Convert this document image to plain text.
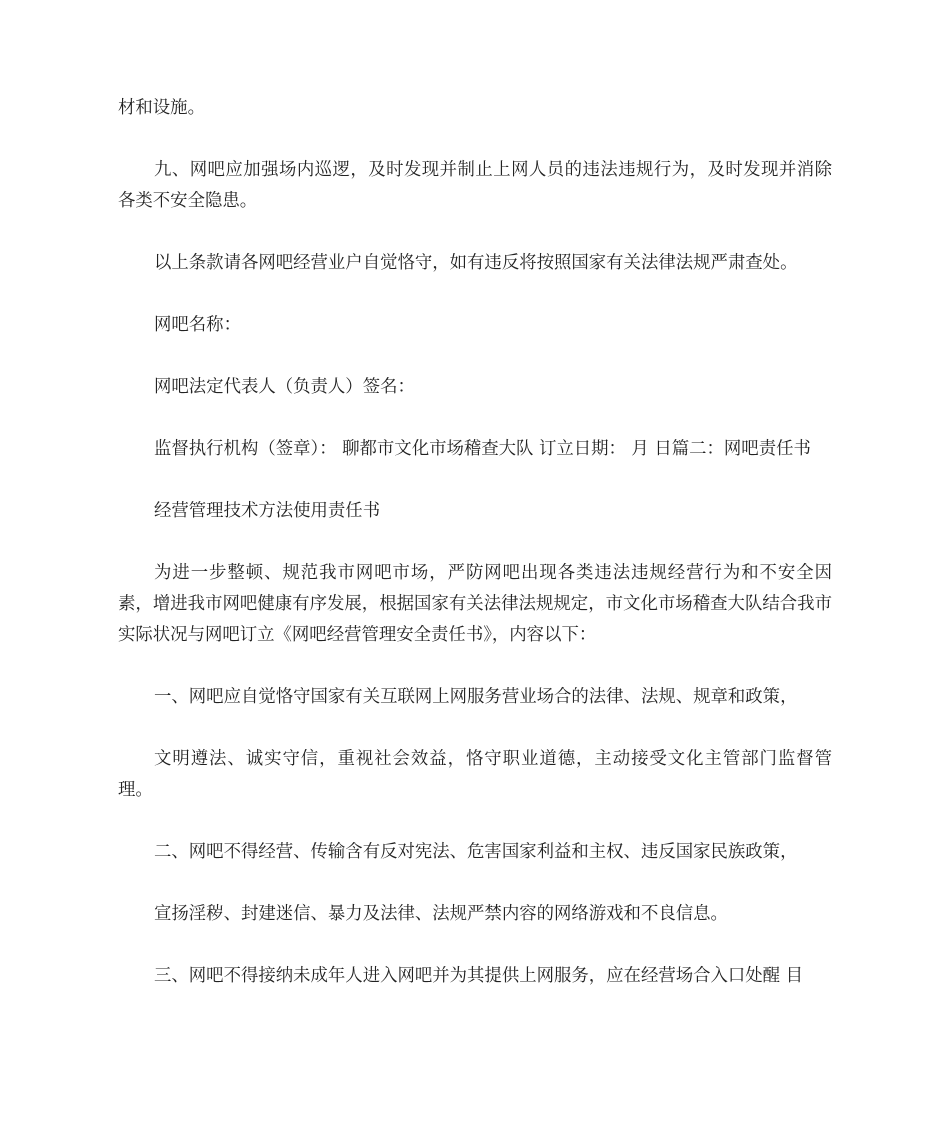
材和设施。

九、网吧应加强场内巡逻，及时发现并制止上网人员的违法违规行为，及时发现并消除各类不安全隐患。

以上条款请各网吧经营业户自觉恪守，如有违反将按照国家有关法律法规严肃查处。

网吧名称：

网吧法定代表人（负责人）签名：

监督执行机构（签章）： 聊都市文化市场稽查大队 订立日期： 月 日篇二：网吧责任书

经营管理技术方法使用责任书

为进一步整顿、规范我市网吧市场，严防网吧出现各类违法违规经营行为和不安全因素，增进我市网吧健康有序发展，根据国家有关法律法规规定，市文化市场稽查大队结合我市实际状况与网吧订立《网吧经营管理安全责任书》，内容以下：

一、网吧应自觉恪守国家有关互联网上网服务营业场合的法律、法规、规章和政策，

文明遵法、诚实守信，重视社会效益，恪守职业道德，主动接受文化主管部门监督管理。

二、网吧不得经营、传输含有反对宪法、危害国家利益和主权、违反国家民族政策，

宣扬淫秽、封建迷信、暴力及法律、法规严禁内容的网络游戏和不良信息。

三、网吧不得接纳未成年人进入网吧并为其提供上网服务，应在经营场合入口处醒 目
